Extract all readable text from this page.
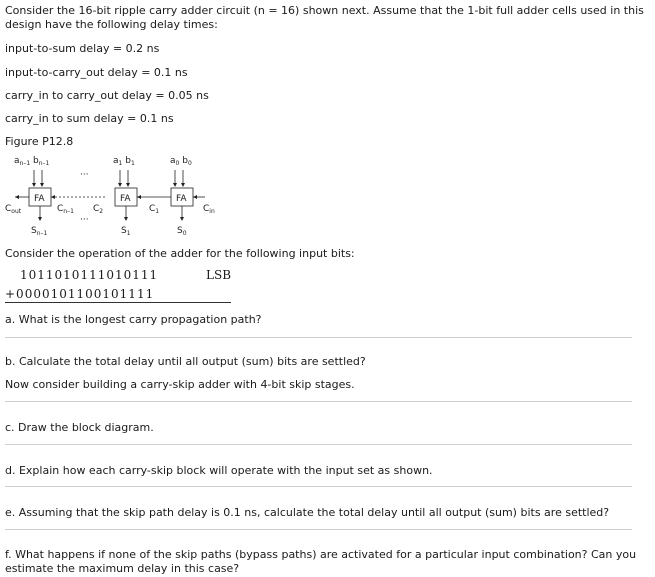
Consider the 16-bit ripple carry adder circuit (n = 16) shown next. Assume that the 1-bit full adder cells used in this design have the following delay times:
input-to-sum delay = 0.2 ns
input-to-carry_out delay = 0.1 ns
carry_in to carry_out delay = 0.05 ns
carry_in to sum delay = 0.1 ns
Figure P12.8
$a_{n-1}$ $b_{n-1}$	$a_1$ $b_1$	$a_0$ $b_0$
FA	FA	FA
···
···
$C_{out}$	$C_{in}$
$C_{n-1}$ $C_2$	$C_1$
$S_{n-1}$	$S_1$	$S_0$
Consider the operation of the adder for the following input bits:
1011010111010111	LSB
+0000101100101111
a. What is the longest carry propagation path?
b. Calculate the total delay until all output (sum) bits are settled?
Now consider building a carry-skip adder with 4-bit skip stages.
c. Draw the block diagram.
d. Explain how each carry-skip block will operate with the input set as shown.
e. Assuming that the skip path delay is 0.1 ns, calculate the total delay until all output (sum) bits are settled?
f. What happens if none of the skip paths (bypass paths) are activated for a particular input combination? Can you estimate the maximum delay in this case?
